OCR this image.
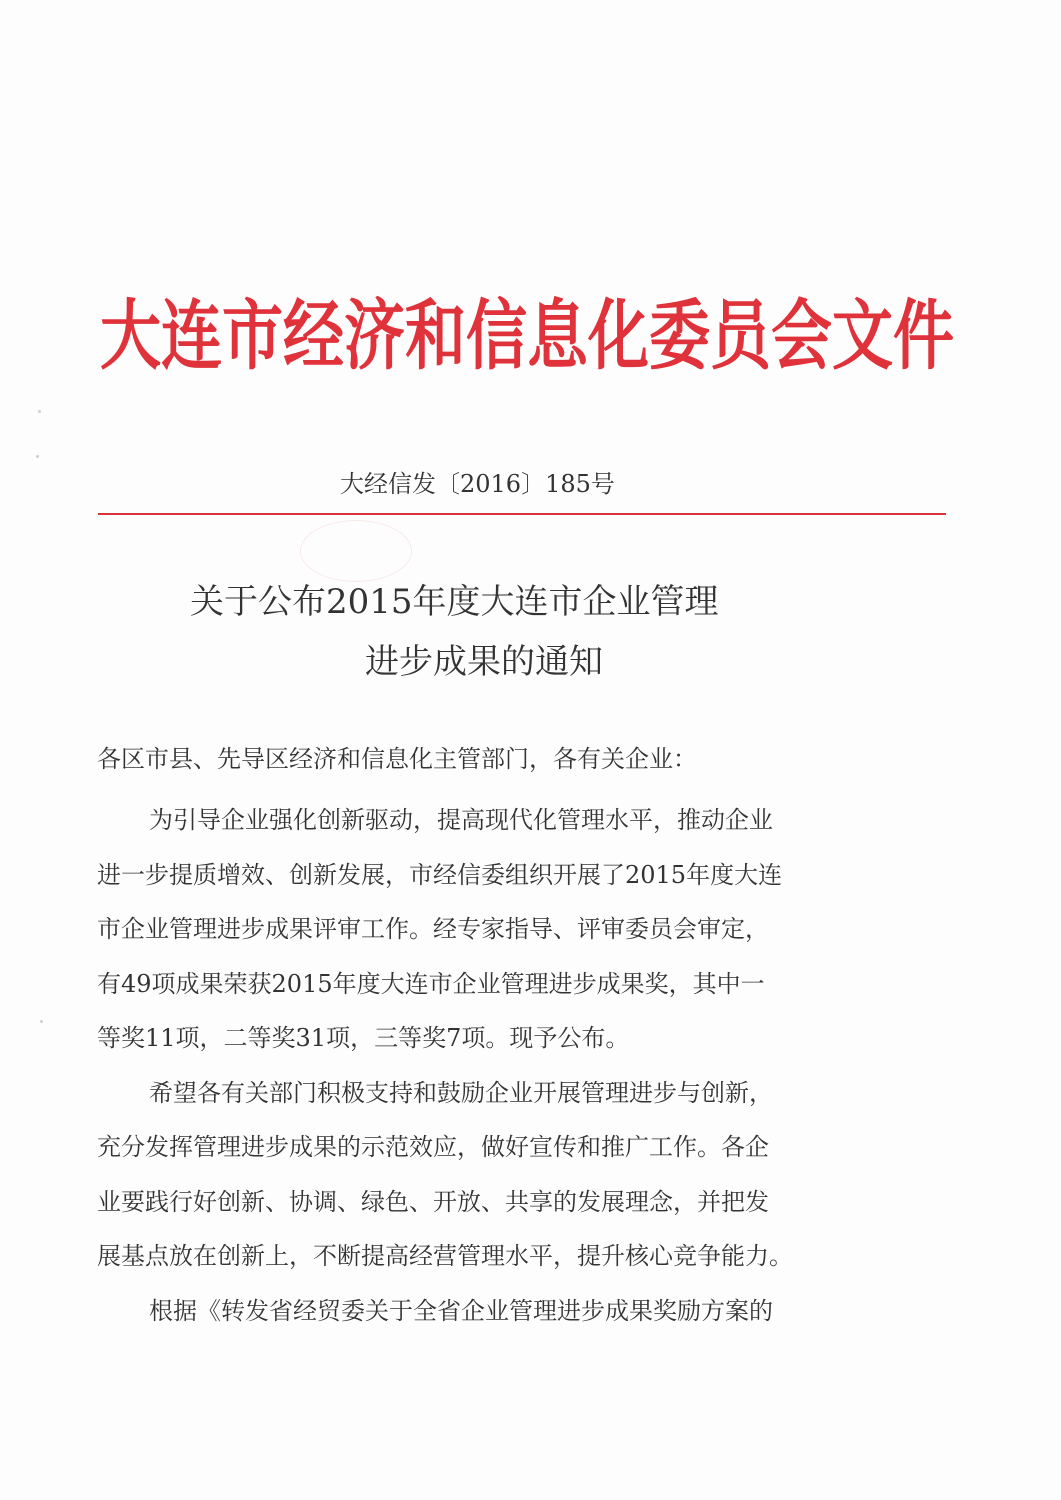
大连市经济和信息化委员会文件
大经信发〔2016〕185号
关于公布2015年度大连市企业管理
进步成果的通知
各区市县、先导区经济和信息化主管部门，各有关企业：
为引导企业强化创新驱动，提高现代化管理水平，推动企业
进一步提质增效、创新发展，市经信委组织开展了2015年度大连
市企业管理进步成果评审工作。经专家指导、评审委员会审定，
有49项成果荣获2015年度大连市企业管理进步成果奖，其中一
等奖11项，二等奖31项，三等奖7项。现予公布。
希望各有关部门积极支持和鼓励企业开展管理进步与创新，
充分发挥管理进步成果的示范效应，做好宣传和推广工作。各企
业要践行好创新、协调、绿色、开放、共享的发展理念，并把发
展基点放在创新上，不断提高经营管理水平，提升核心竞争能力。
根据《转发省经贸委关于全省企业管理进步成果奖励方案的
